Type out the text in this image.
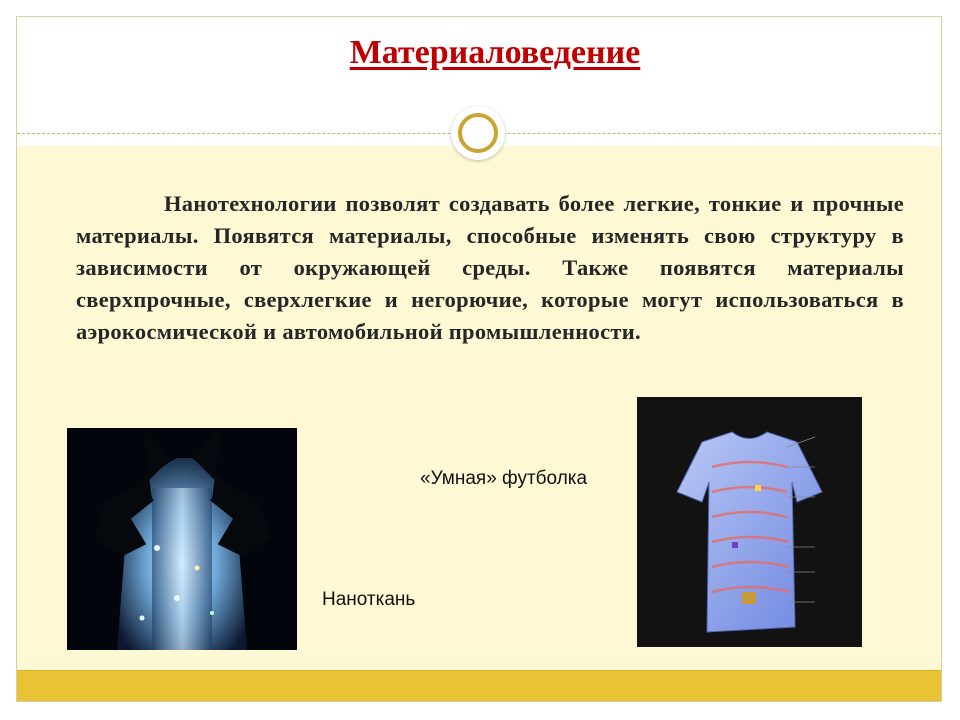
Материаловедение
Нанотехнологии позволят создавать более легкие, тонкие и прочные материалы. Появятся материалы, способные изменять свою структуру в зависимости от окружающей среды. Также появятся материалы сверхпрочные, сверхлегкие и негорючие, которые могут использоваться в аэрокосмической и автомобильной промышленности.
«Умная» футболка
Наноткань
